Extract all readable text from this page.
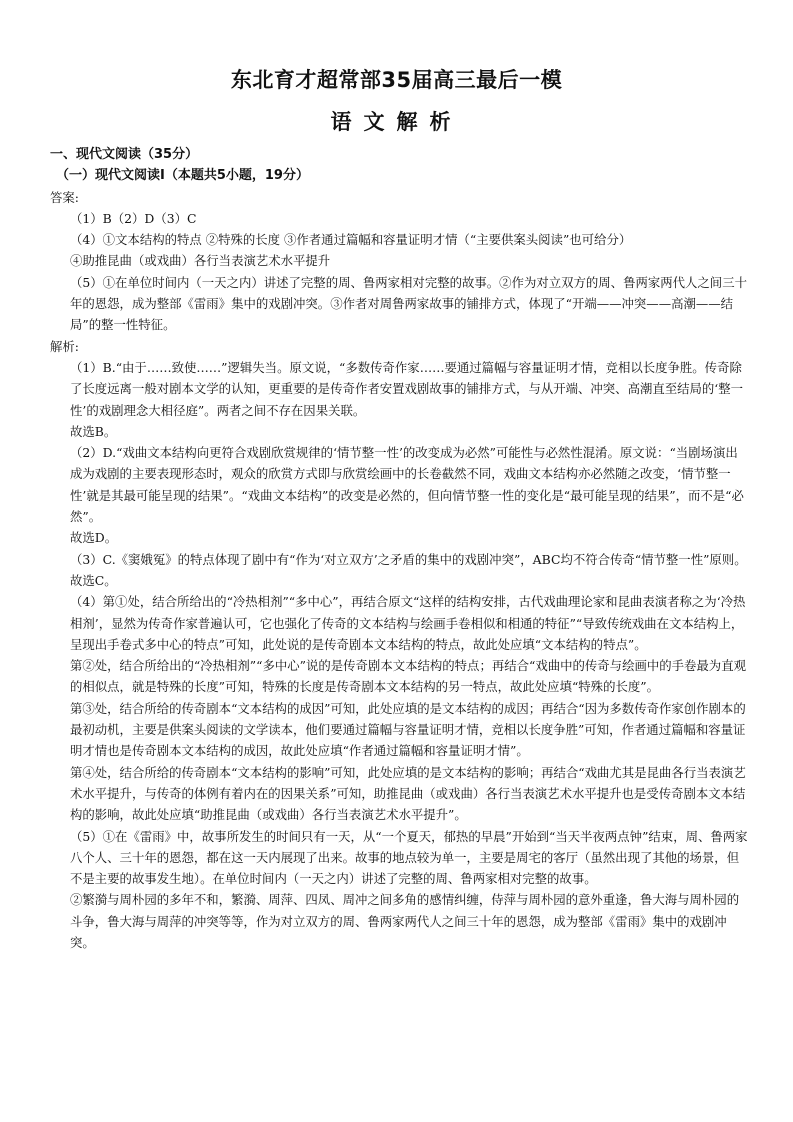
东北育才超常部35届高三最后一模
语文解析

一、现代文阅读（35分）

（一）现代文阅读Ⅰ（本题共5小题，19分）

答案:

（1）B（2）D（3）C

（4）①文本结构的特点 ②特殊的长度 ③作者通过篇幅和容量证明才情（“主要供案头阅读”也可给分）

④助推昆曲（或戏曲）各行当表演艺术水平提升

（5）①在单位时间内（一天之内）讲述了完整的周、鲁两家相对完整的故事。②作为对立双方的周、鲁两家两代人之间三十年的恩怨，成为整部《雷雨》集中的戏剧冲突。③作者对周鲁两家故事的铺排方式，体现了“开端——冲突——高潮——结局”的整一性特征。

解析:

（1）B.“由于……致使……”逻辑失当。原文说，“多数传奇作家……要通过篇幅与容量证明才情，竞相以长度争胜。传奇除了长度远离一般对剧本文学的认知，更重要的是传奇作者安置戏剧故事的铺排方式，与从开端、冲突、高潮直至结局的‘整一性’的戏剧理念大相径庭”。两者之间不存在因果关联。

故选B。

（2）D.“戏曲文本结构向更符合戏剧欣赏规律的‘情节整一性’的改变成为必然”可能性与必然性混淆。原文说：“当剧场演出成为戏剧的主要表现形态时，观众的欣赏方式即与欣赏绘画中的长卷截然不同，戏曲文本结构亦必然随之改变，‘情节整一性’就是其最可能呈现的结果”。“戏曲文本结构”的改变是必然的，但向情节整一性的变化是“最可能呈现的结果”，而不是“必然”。

故选D。

（3）C.《窦娥冤》的特点体现了剧中有“作为‘对立双方’之矛盾的集中的戏剧冲突”，ABC均不符合传奇“情节整一性”原则。

故选C。

（4）第①处，结合所给出的“冷热相剂”“多中心”，再结合原文“这样的结构安排，古代戏曲理论家和昆曲表演者称之为‘冷热相剂’，显然为传奇作家普遍认可，它也强化了传奇的文本结构与绘画手卷相似和相通的特征”“导致传统戏曲在文本结构上，呈现出手卷式多中心的特点”可知，此处说的是传奇剧本文本结构的特点，故此处应填“文本结构的特点”。

第②处，结合所给出的“冷热相剂”“多中心”说的是传奇剧本文本结构的特点；再结合“戏曲中的传奇与绘画中的手卷最为直观的相似点，就是特殊的长度”可知，特殊的长度是传奇剧本文本结构的另一特点，故此处应填“特殊的长度”。

第③处，结合所给的传奇剧本“文本结构的成因”可知，此处应填的是文本结构的成因；再结合“因为多数传奇作家创作剧本的最初动机，主要是供案头阅读的文学读本，他们要通过篇幅与容量证明才情，竞相以长度争胜”可知，作者通过篇幅和容量证明才情也是传奇剧本文本结构的成因，故此处应填“作者通过篇幅和容量证明才情”。

第④处，结合所给的传奇剧本“文本结构的影响”可知，此处应填的是文本结构的影响；再结合“戏曲尤其是昆曲各行当表演艺术水平提升，与传奇的体例有着内在的因果关系”可知，助推昆曲（或戏曲）各行当表演艺术水平提升也是受传奇剧本文本结构的影响，故此处应填“助推昆曲（或戏曲）各行当表演艺术水平提升”。

（5）①在《雷雨》中，故事所发生的时间只有一天，从“一个夏天，郁热的早晨”开始到“当天半夜两点钟”结束，周、鲁两家八个人、三十年的恩怨，都在这一天内展现了出来。故事的地点较为单一，主要是周宅的客厅（虽然出现了其他的场景，但不是主要的故事发生地）。在单位时间内（一天之内）讲述了完整的周、鲁两家相对完整的故事。

②繁漪与周朴园的多年不和，繁漪、周萍、四凤、周冲之间多角的感情纠缠，侍萍与周朴园的意外重逢，鲁大海与周朴园的斗争，鲁大海与周萍的冲突等等，作为对立双方的周、鲁两家两代人之间三十年的恩怨，成为整部《雷雨》集中的戏剧冲突。
